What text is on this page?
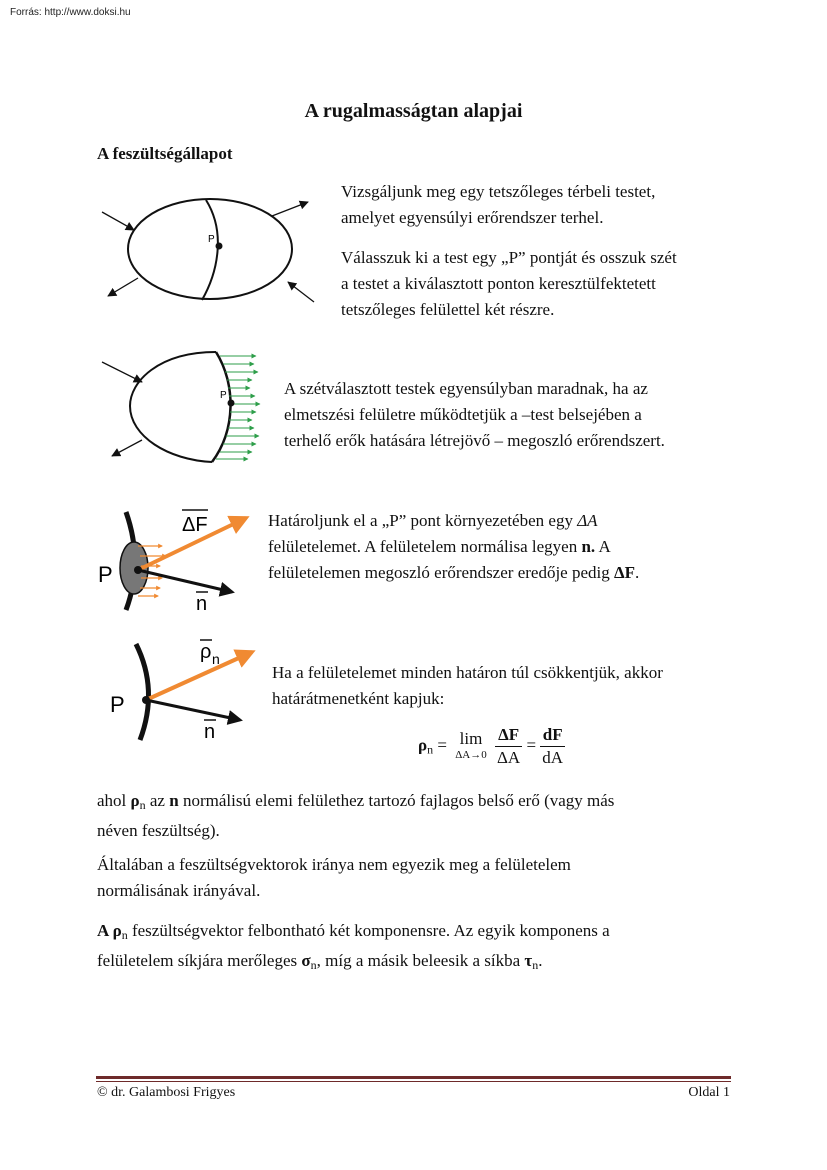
Forrás: http://www.doksi.hu
A rugalmasságtan alapjai
A feszültségállapot
P
Vizsgáljunk meg egy tetszőleges térbeli testet,
amelyet egyensúlyi erőrendszer terhel.
Válasszuk ki a test egy „P” pontját és osszuk szét
a testet a kiválasztott ponton keresztülfektetett
tetszőleges felülettel két részre.
P	A szétválasztott testek egyensúlyban maradnak, ha az
elmetszési felületre működtetjük a –test belsejében a
terhelő erők hatására létrejövő – megoszló erőrendszert.
P
ΔF
n
Határoljunk el a „P” pont környezetében egy ΔA
felületelemet. A felületelem normálisa legyen n. A
felületelemen megoszló erőrendszer eredője pedig ΔF.
P
ρ n
n
Ha a felületelemet minden határon túl csökkentjük, akkor
határátmenetként kapjuk:
$\rho_n = \lim$
ΔA→0
$\frac{\Delta F}{\Delta A} = \frac{dF}{dA}$
ahol $\rho_n$ az n normálisú elemi felülethez tartozó fajlagos belső erő (vagy más
néven feszültség).
Általában a feszültségvektorok iránya nem egyezik meg a felületelem
normálisának irányával.
A $\rho_n$ feszültségvektor felbontható két komponensre. Az egyik komponens a
felületelem síkjára merőleges $\sigma_n$, míg a másik beleesik a síkba $\tau_n$.
© dr. Galambosi Frigyes	Oldal 1
